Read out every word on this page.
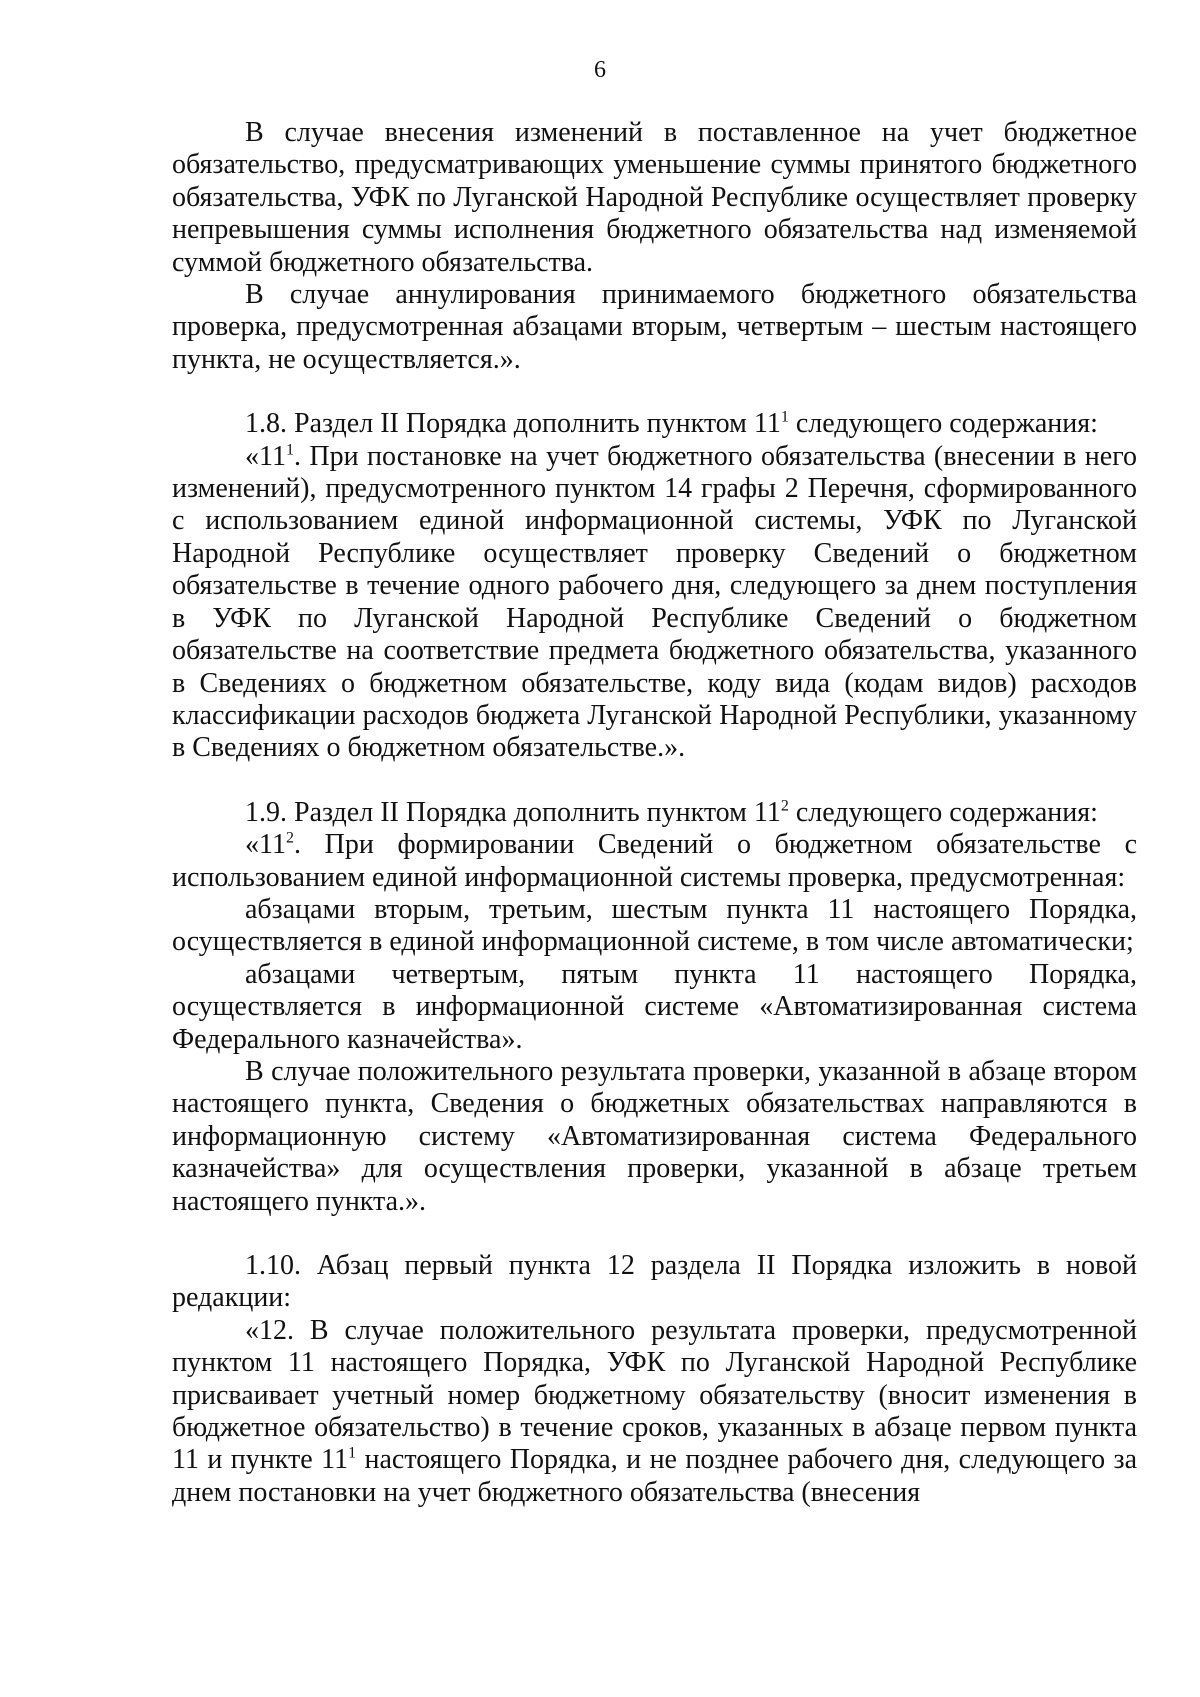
6

В случае внесения изменений в поставленное на учет бюджетное обязательство, предусматривающих уменьшение суммы принятого бюджетного обязательства, УФК по Луганской Народной Республике осуществляет проверку непревышения суммы исполнения бюджетного обязательства над изменяемой суммой бюджетного обязательства.

В случае аннулирования принимаемого бюджетного обязательства проверка, предусмотренная абзацами вторым, четвертым – шестым настоящего пункта, не осуществляется.».

1.8. Раздел II Порядка дополнить пунктом $11^1$ следующего содержания:

«$11^1$. При постановке на учет бюджетного обязательства (внесении в него изменений), предусмотренного пунктом 14 графы 2 Перечня, сформированного с использованием единой информационной системы, УФК по Луганской Народной Республике осуществляет проверку Сведений о бюджетном обязательстве в течение одного рабочего дня, следующего за днем поступления в УФК по Луганской Народной Республике Сведений о бюджетном обязательстве на соответствие предмета бюджетного обязательства, указанного в Сведениях о бюджетном обязательстве, коду вида (кодам видов) расходов классификации расходов бюджета Луганской Народной Республики, указанному в Сведениях о бюджетном обязательстве.».

1.9. Раздел II Порядка дополнить пунктом $11^2$ следующего содержания:

«$11^2$. При формировании Сведений о бюджетном обязательстве с использованием единой информационной системы проверка, предусмотренная:

абзацами вторым, третьим, шестым пункта 11 настоящего Порядка, осуществляется в единой информационной системе, в том числе автоматически;

абзацами четвертым, пятым пункта 11 настоящего Порядка, осуществляется в информационной системе «Автоматизированная система Федерального казначейства».

В случае положительного результата проверки, указанной в абзаце втором настоящего пункта, Сведения о бюджетных обязательствах направляются в информационную систему «Автоматизированная система Федерального казначейства» для осуществления проверки, указанной в абзаце третьем настоящего пункта.».

1.10. Абзац первый пункта 12 раздела II Порядка изложить в новой редакции:

«12. В случае положительного результата проверки, предусмотренной пунктом 11 настоящего Порядка, УФК по Луганской Народной Республике присваивает учетный номер бюджетному обязательству (вносит изменения в бюджетное обязательство) в течение сроков, указанных в абзаце первом пункта 11 и пункте $11^1$ настоящего Порядка, и не позднее рабочего дня, следующего за днем постановки на учет бюджетного обязательства (внесения
